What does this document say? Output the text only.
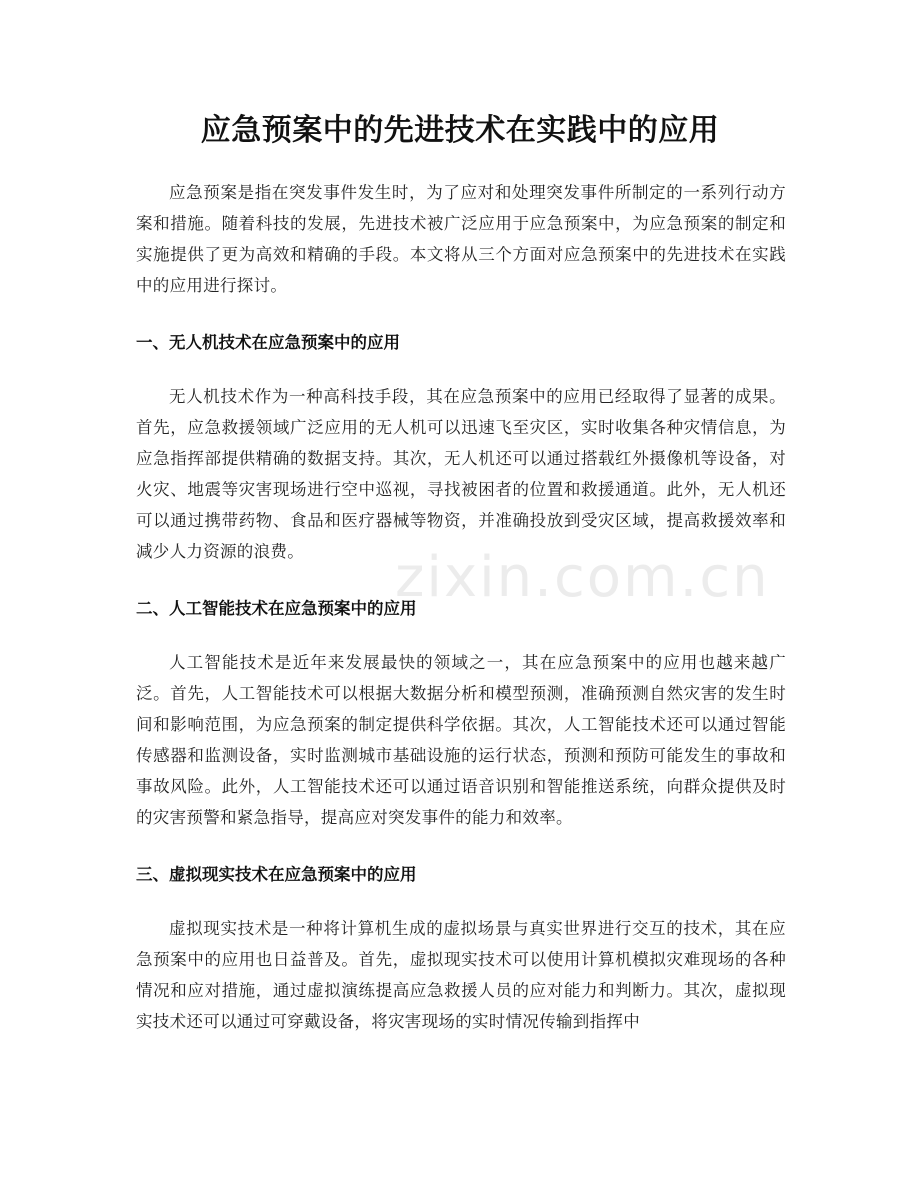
应急预案中的先进技术在实践中的应用

应急预案是指在突发事件发生时，为了应对和处理突发事件所制定的一系列行动方案和措施。随着科技的发展，先进技术被广泛应用于应急预案中，为应急预案的制定和实施提供了更为高效和精确的手段。本文将从三个方面对应急预案中的先进技术在实践中的应用进行探讨。

一、无人机技术在应急预案中的应用

无人机技术作为一种高科技手段，其在应急预案中的应用已经取得了显著的成果。首先，应急救援领域广泛应用的无人机可以迅速飞至灾区，实时收集各种灾情信息，为应急指挥部提供精确的数据支持。其次，无人机还可以通过搭载红外摄像机等设备，对火灾、地震等灾害现场进行空中巡视，寻找被困者的位置和救援通道。此外，无人机还可以通过携带药物、食品和医疗器械等物资，并准确投放到受灾区域，提高救援效率和减少人力资源的浪费。

二、人工智能技术在应急预案中的应用

人工智能技术是近年来发展最快的领域之一，其在应急预案中的应用也越来越广泛。首先，人工智能技术可以根据大数据分析和模型预测，准确预测自然灾害的发生时间和影响范围，为应急预案的制定提供科学依据。其次，人工智能技术还可以通过智能传感器和监测设备，实时监测城市基础设施的运行状态，预测和预防可能发生的事故和事故风险。此外，人工智能技术还可以通过语音识别和智能推送系统，向群众提供及时的灾害预警和紧急指导，提高应对突发事件的能力和效率。

三、虚拟现实技术在应急预案中的应用

虚拟现实技术是一种将计算机生成的虚拟场景与真实世界进行交互的技术，其在应急预案中的应用也日益普及。首先，虚拟现实技术可以使用计算机模拟灾难现场的各种情况和应对措施，通过虚拟演练提高应急救援人员的应对能力和判断力。其次，虚拟现实技术还可以通过可穿戴设备，将灾害现场的实时情况传输到指挥中

zixin.com.cn
